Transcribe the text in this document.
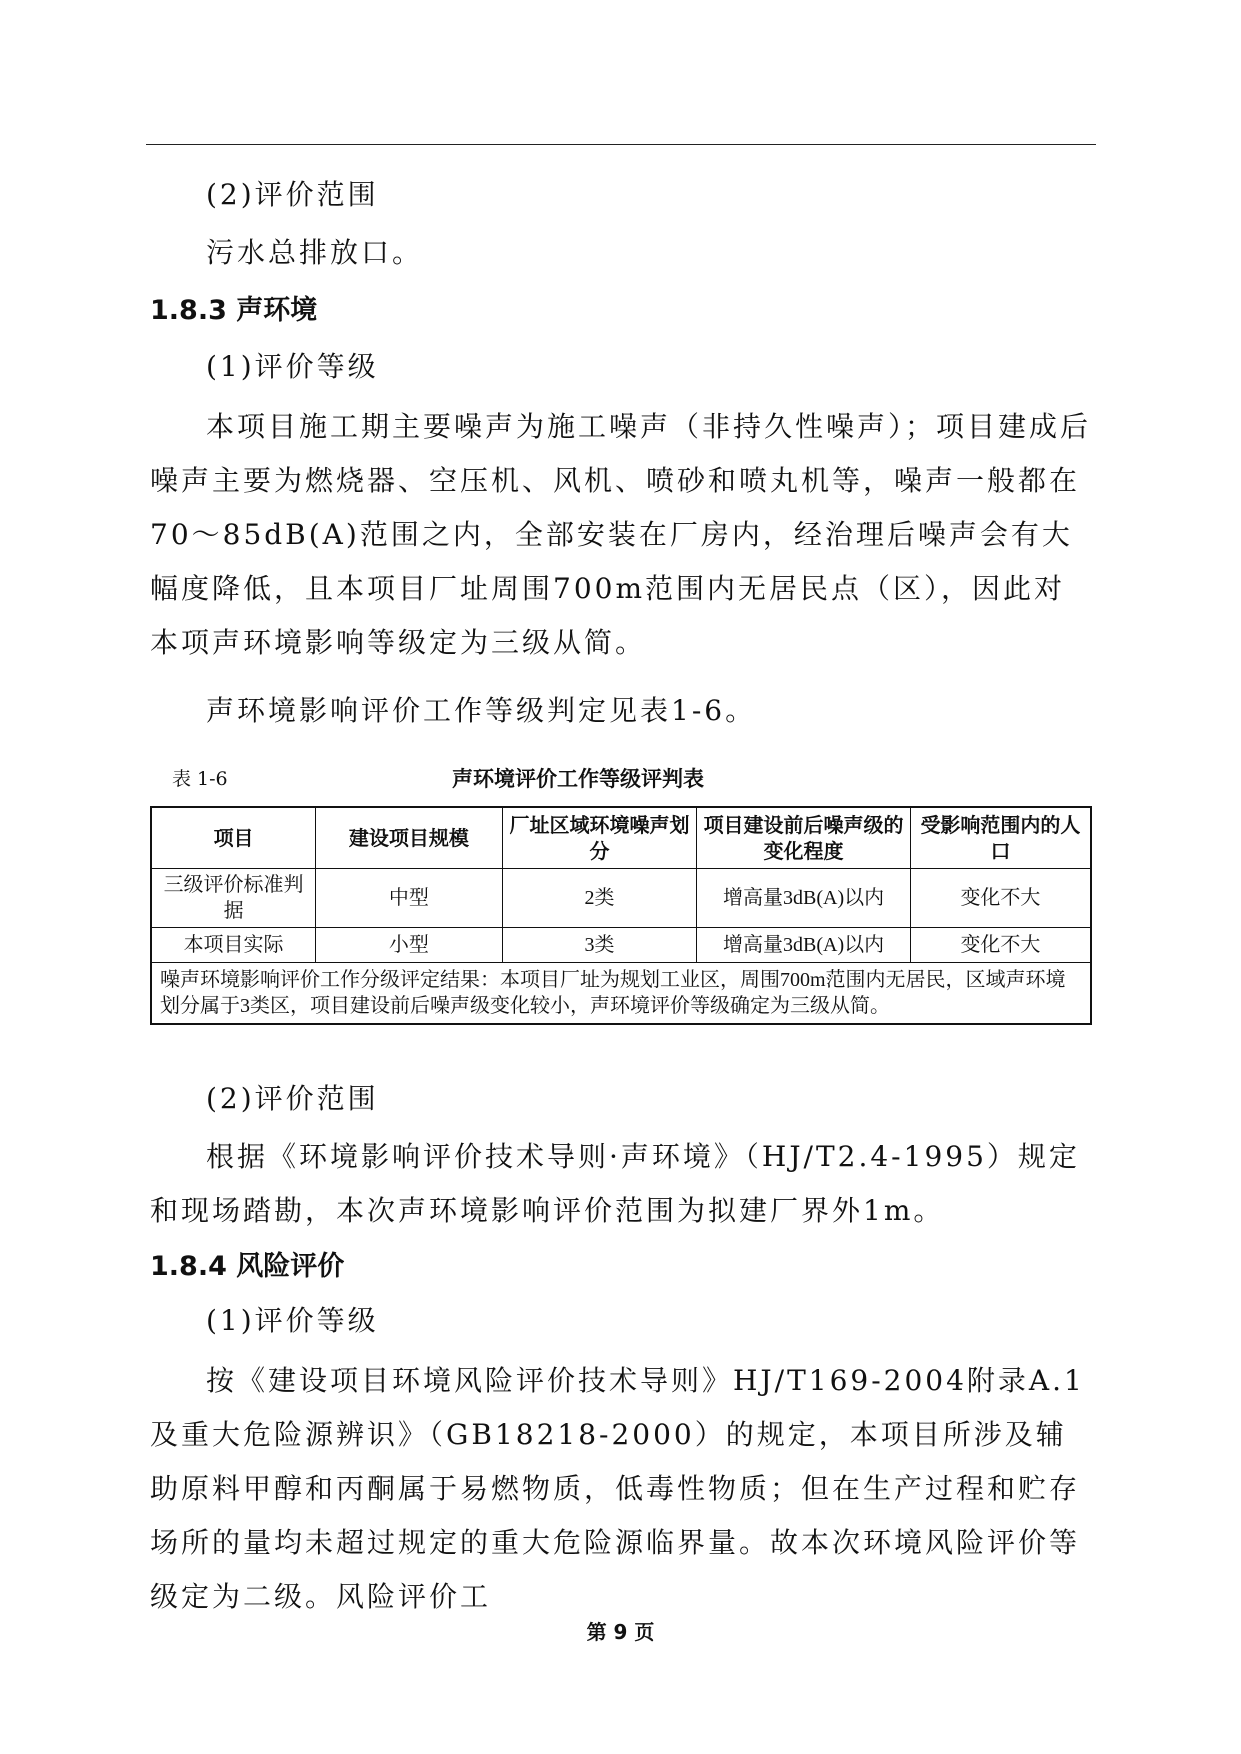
(2)评价范围
污水总排放口。
1.8.3 声环境
(1)评价等级

本项目施工期主要噪声为施工噪声（非持久性噪声）；项目建成后噪声主要为燃烧器、空压机、风机、喷砂和喷丸机等，噪声一般都在70～85dB(A)范围之内，全部安装在厂房内，经治理后噪声会有大幅度降低，且本项目厂址周围700m范围内无居民点（区），因此对本项声环境影响等级定为三级从简。

声环境影响评价工作等级判定见表1-6。
表 1-6	声环境评价工作等级评判表
项目	建设项目规模	厂址区域环境噪声划分	项目建设前后噪声级的变化程度	受影响范围内的人口
三级评价标准判据	中型	2类	增高量3dB(A)以内	变化不大
本项目实际	小型	3类	增高量3dB(A)以内	变化不大
噪声环境影响评价工作分级评定结果：本项目厂址为规划工业区，周围700m范围内无居民，区域声环境划分属于3类区，项目建设前后噪声级变化较小，声环境评价等级确定为三级从简。				
(2)评价范围

根据《环境影响评价技术导则·声环境》（HJ/T2.4-1995）规定和现场踏勘，本次声环境影响评价范围为拟建厂界外1m。

1.8.4 风险评价
(1)评价等级

按《建设项目环境风险评价技术导则》HJ/T169-2004附录A.1及重大危险源辨识》（GB18218-2000）的规定，本项目所涉及辅助原料甲醇和丙酮属于易燃物质，低毒性物质；但在生产过程和贮存场所的量均未超过规定的重大危险源临界量。故本次环境风险评价等级定为二级。风险评价工

第 9 页
